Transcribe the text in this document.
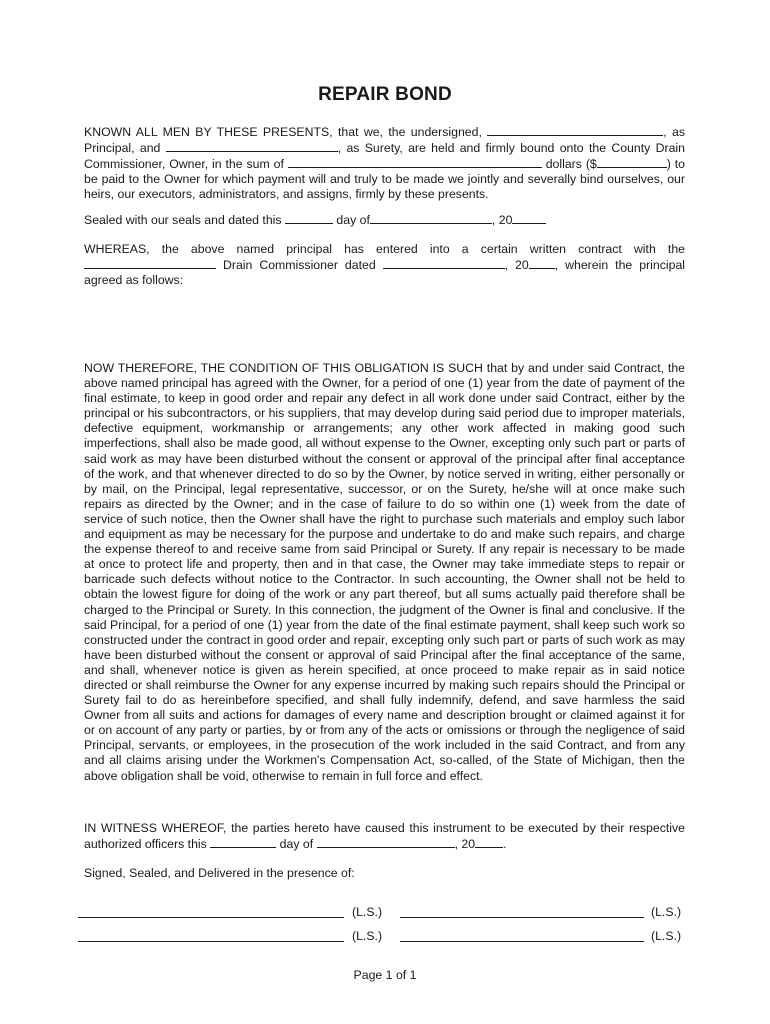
REPAIR BOND

KNOWN ALL MEN BY THESE PRESENTS, that we, the undersigned,	, as Principal, and	, as Surety, are held and firmly bound onto the County Drain Commissioner, Owner, in the sum of	dollars ($	) to be paid to the Owner for which payment will and truly to be made we jointly and severally bind ourselves, our heirs, our executors, administrators, and assigns, firmly by these presents.

Sealed with our seals and dated this	day of	, 20

WHEREAS, the above named principal has entered into a certain written contract with the  Drain Commissioner dated	, 20 , wherein the principal agreed as follows:

NOW THEREFORE, THE CONDITION OF THIS OBLIGATION IS SUCH that by and under said Contract, the above named principal has agreed with the Owner, for a period of one (1) year from the date of payment of the final estimate, to keep in good order and repair any defect in all work done under said Contract, either by the principal or his subcontractors, or his suppliers, that may develop during said period due to improper materials, defective equipment, workmanship or arrangements; any other work affected in making good such imperfections, shall also be made good, all without expense to the Owner, excepting only such part or parts of said work as may have been disturbed without the consent or approval of the principal after final acceptance of the work, and that whenever directed to do so by the Owner, by notice served in writing, either personally or by mail, on the Principal, legal representative, successor, or on the Surety, he/she will at once make such repairs as directed by the Owner; and in the case of failure to do so within one (1) week from the date of service of such notice, then the Owner shall have the right to purchase such materials and employ such labor and equipment as may be necessary for the purpose and undertake to do and make such repairs, and charge the expense thereof to and receive same from said Principal or Surety. If any repair is necessary to be made at once to protect life and property, then and in that case, the Owner may take immediate steps to repair or barricade such defects without notice to the Contractor. In such accounting, the Owner shall not be held to obtain the lowest figure for doing of the work or any part thereof, but all sums actually paid therefore shall be charged to the Principal or Surety. In this connection, the judgment of the Owner is final and conclusive. If the said Principal, for a period of one (1) year from the date of the final estimate payment, shall keep such work so constructed under the contract in good order and repair, excepting only such part or parts of such work as may have been disturbed without the consent or approval of said Principal after the final acceptance of the same, and shall, whenever notice is given as herein specified, at once proceed to make repair as in said notice directed or shall reimburse the Owner for any expense incurred by making such repairs should the Principal or Surety fail to do as hereinbefore specified, and shall fully indemnify, defend, and save harmless the said Owner from all suits and actions for damages of every name and description brought or claimed against it for or on account of any party or parties, by or from any of the acts or omissions or through the negligence of said Principal, servants, or employees, in the prosecution of the work included in the said Contract, and from any and all claims arising under the Workmen's Compensation Act, so-called, of the State of Michigan, then the above obligation shall be void, otherwise to remain in full force and effect.

IN WITNESS WHEREOF, the parties hereto have caused this instrument to be executed by their respective authorized officers this	day of	, 20 .

Signed, Sealed, and Delivered in the presence of:

(L.S.)	(L.S.)
(L.S.)	(L.S.)
Page 1 of 1
